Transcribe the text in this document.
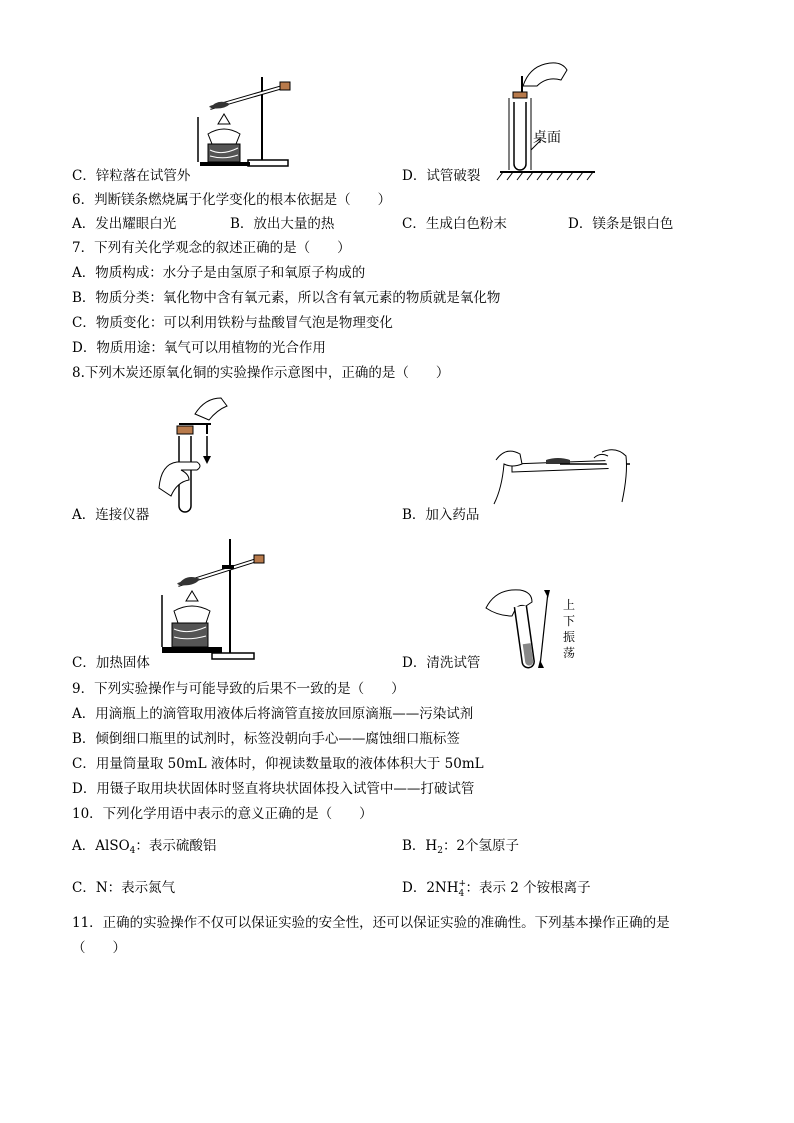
C．锌粒落在试管外
桌面
D．试管破裂
6．判断镁条燃烧属于化学变化的根本依据是（　　）
A．发出耀眼白光	B．放出大量的热	C．生成白色粉末	D．镁条是银白色
7．下列有关化学观念的叙述正确的是（　　）
A．物质构成：水分子是由氢原子和氧原子构成的
B．物质分类：氧化物中含有氧元素，所以含有氧元素的物质就是氧化物
C．物质变化：可以利用铁粉与盐酸冒气泡是物理变化
D．物质用途：氧气可以用植物的光合作用
8.下列木炭还原氧化铜的实验操作示意图中，正确的是（　　）
A．连接仪器	B．加入药品
C．加热固体
上
下
振
荡
D．清洗试管
9．下列实验操作与可能导致的后果不一致的是（　　）
A．用滴瓶上的滴管取用液体后将滴管直接放回原滴瓶——污染试剂
B．倾倒细口瓶里的试剂时，标签没朝向手心——腐蚀细口瓶标签
C．用量筒量取 50mL 液体时，仰视读数量取的液体体积大于 50mL
D．用镊子取用块状固体时竖直将块状固体投入试管中——打破试管
10．下列化学用语中表示的意义正确的是（　　）
A．AlSO$_4$：表示硫酸铝	B．$H_2$：2个氢原子
C．N：表示氮气	D．2NH +
4 ：表示 2 个铵根离子
11．正确的实验操作不仅可以保证实验的安全性，还可以保证实验的准确性。下列基本操作正确的是
（　　）
